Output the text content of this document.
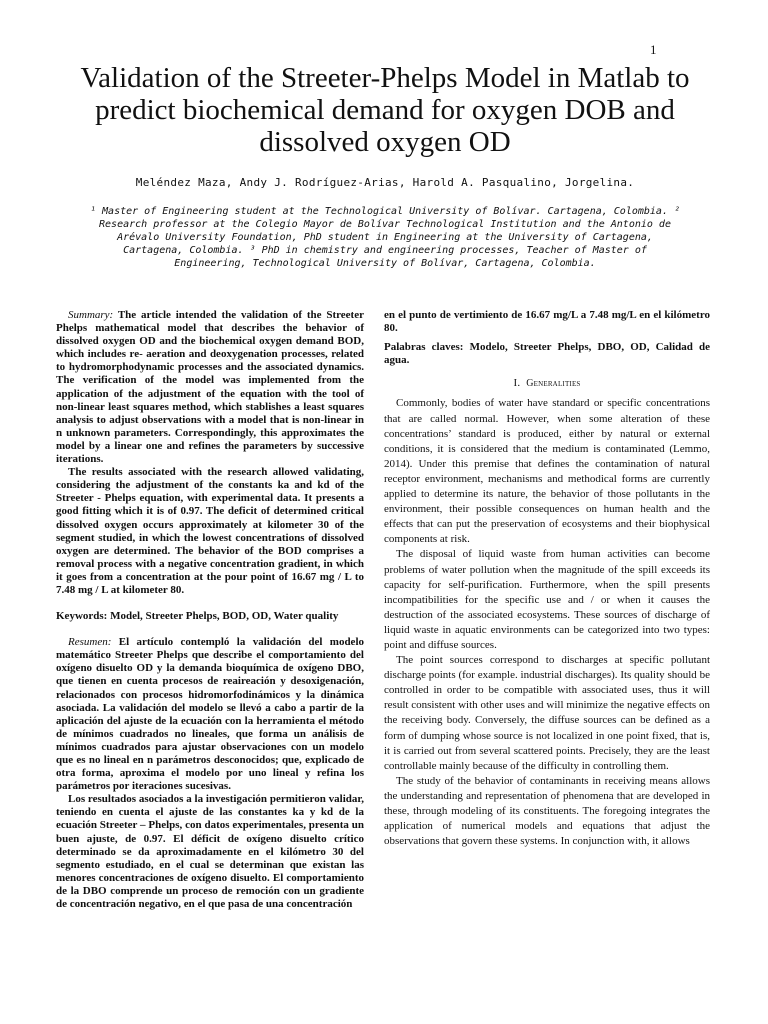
1
Validation of the Streeter-Phelps Model in Matlab to predict biochemical demand for oxygen DOB and dissolved oxygen OD

Meléndez Maza, Andy J. Rodríguez-Arias, Harold A. Pasqualino, Jorgelina.

¹ Master of Engineering student at the Technological University of Bolívar. Cartagena, Colombia. ² Research professor at the Colegio Mayor de Bolívar Technological Institution and the Antonio de Arévalo University Foundation, PhD student in Engineering at the University of Cartagena, Cartagena, Colombia. ³ PhD in chemistry and engineering processes, Teacher of Master of Engineering, Technological University of Bolívar, Cartagena, Colombia.

Summary: The article intended the validation of the Streeter Phelps mathematical model that describes the behavior of dissolved oxygen OD and the biochemical oxygen demand BOD, which includes re- aeration and deoxygenation processes, related to hydromorphodynamic processes and the associated dynamics. The verification of the model was implemented from the application of the adjustment of the equation with the tool of non-linear least squares method, which stablishes a least squares analysis to adjust observations with a model that is non-linear in n unknown parameters. Correspondingly, this approximates the model by a linear one and refines the parameters by successive iterations.

The results associated with the research allowed validating, considering the adjustment of the constants ka and kd of the Streeter - Phelps equation, with experimental data. It presents a good fitting which it is of 0.97. The deficit of determined critical dissolved oxygen occurs approximately at kilometer 30 of the segment studied, in which the lowest concentrations of dissolved oxygen are determined. The behavior of the BOD comprises a removal process with a negative concentration gradient, in which it goes from a concentration at the pour point of 16.67 mg / L to 7.48 mg / L at kilometer 80.

Keywords: Model, Streeter Phelps, BOD, OD, Water quality

Resumen: El artículo contempló la validación del modelo matemático Streeter Phelps que describe el comportamiento del oxígeno disuelto OD y la demanda bioquímica de oxígeno DBO, que tienen en cuenta procesos de reaireación y desoxigenación, relacionados con procesos hidromorfodinámicos y la dinámica asociada. La validación del modelo se llevó a cabo a partir de la aplicación del ajuste de la ecuación con la herramienta el método de mínimos cuadrados no lineales, que forma un análisis de mínimos cuadrados para ajustar observaciones con un modelo que es no lineal en n parámetros desconocidos; que, explicado de otra forma, aproxima el modelo por uno lineal y refina los parámetros por iteraciones sucesivas.

Los resultados asociados a la investigación permitieron validar, teniendo en cuenta el ajuste de las constantes ka y kd de la ecuación Streeter – Phelps, con datos experimentales, presenta un buen ajuste, de 0.97. El déficit de oxígeno disuelto crítico determinado se da aproximadamente en el kilómetro 30 del segmento estudiado, en el cual se determinan que existan las menores concentraciones de oxígeno disuelto. El comportamiento de la DBO comprende un proceso de remoción con un gradiente de concentración negativo, en el que pasa de una concentración

en el punto de vertimiento de 16.67 mg/L a 7.48 mg/L en el kilómetro 80.

Palabras claves: Modelo, Streeter Phelps, DBO, OD, Calidad de agua.

I. Generalities

Commonly, bodies of water have standard or specific concentrations that are called normal. However, when some alteration of these concentrations’ standard is produced, either by natural or external conditions, it is considered that the medium is contaminated (Lemmo, 2014). Under this premise that defines the contamination of natural receptor environment, mechanisms and methodical forms are currently applied to determine its nature, the behavior of those pollutants in the environment, their possible consequences on human health and the effects that can put the preservation of ecosystems and their biophysical components at risk.

The disposal of liquid waste from human activities can become problems of water pollution when the magnitude of the spill exceeds its capacity for self-purification. Furthermore, when the spill presents incompatibilities for the specific use and / or when it causes the destruction of the associated ecosystems. These sources of discharge of liquid waste in aquatic environments can be categorized into two types: point and diffuse sources.

The point sources correspond to discharges at specific pollutant discharge points (for example. industrial discharges). Its quality should be controlled in order to be compatible with associated uses, thus it will result consistent with other uses and will minimize the negative effects on the receiving body. Conversely, the diffuse sources can be defined as a form of dumping whose source is not localized in one point fixed, that is, it is carried out from several scattered points. Precisely, they are the least controllable mainly because of the difficulty in controlling them.

The study of the behavior of contaminants in receiving means allows the understanding and representation of phenomena that are developed in these, through modeling of its constituents. The foregoing integrates the application of numerical models and equations that adjust the observations that govern these systems. In conjunction with, it allows
